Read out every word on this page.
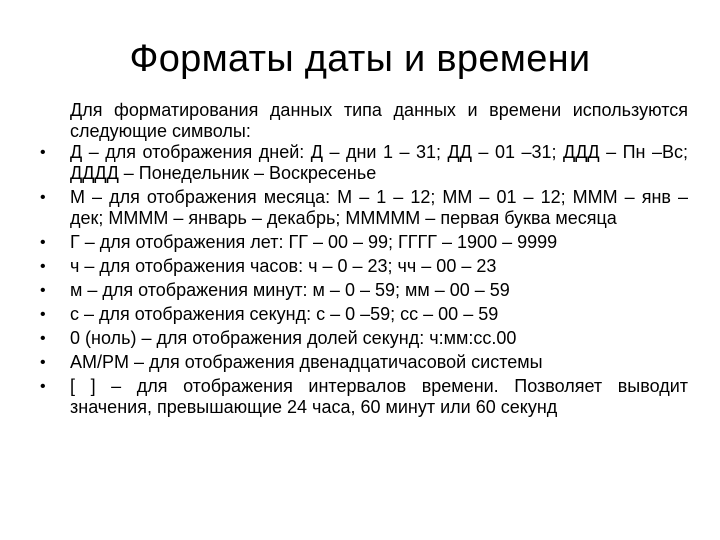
Форматы даты и времени

Для форматирования данных типа данных и времени используются следующие символы:

•	Д – для отображения дней: Д – дни 1 – 31; ДД – 01 –31; ДДД – Пн –Вс; ДДДД – Понедельник – Воскресенье
•	М – для отображения месяца: М – 1 – 12; ММ – 01 – 12; МММ – янв – дек; ММММ – январь – декабрь; МММММ – первая буква месяца
•	Г – для отображения лет: ГГ – 00 – 99; ГГГГ – 1900 – 9999
•	ч – для отображения часов: ч – 0 – 23; чч – 00 – 23
•	м – для отображения минут: м – 0 – 59; мм – 00 – 59
•	с – для отображения секунд: с – 0 –59; сс – 00 – 59
•	0 (ноль) – для отображения долей секунд: ч:мм:сс.00
•	AM/PM – для отображения двенадцатичасовой системы
•	[ ] – для отображения интервалов времени. Позволяет выводит значения, превышающие 24 часа, 60 минут или 60 секунд
